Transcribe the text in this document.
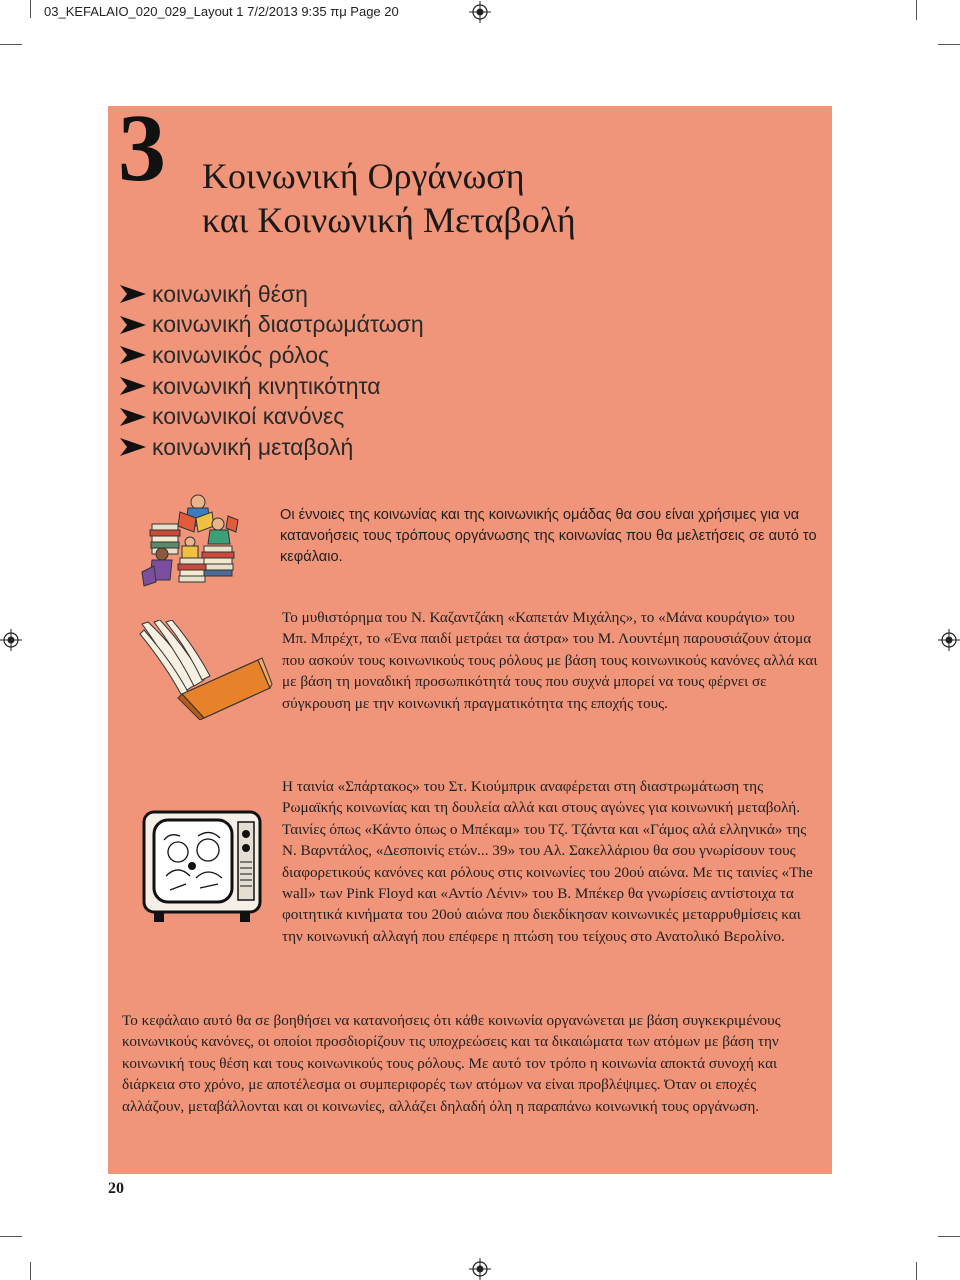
03_KEFALAIO_020_029_Layout 1 7/2/2013 9:35 πμ Page 20
3 Κοινωνική Οργάνωση
και Κοινωνική Μεταβολή
κοινωνική θέση
κοινωνική διαστρωμάτωση
κοινωνικός ρόλος
κοινωνική κινητικότητα
κοινωνικοί κανόνες
κοινωνική μεταβολή

Οι έννοιες της κοινωνίας και της κοινωνικής ομάδας θα σου είναι χρήσιμες για να κατανοήσεις τους τρόπους οργάνωσης της κοινωνίας που θα μελετήσεις σε αυτό το κεφάλαιο.

Το μυθιστόρημα του Ν. Καζαντζάκη «Καπετάν Μιχάλης», το «Μάνα κουράγιο» του Μπ. Μπρέχτ, το «Ένα παιδί μετράει τα άστρα» του Μ. Λουντέμη παρουσιάζουν άτομα που ασκούν τους κοινωνικούς τους ρόλους με βάση τους κοινωνικούς κανόνες αλλά και με βάση τη μοναδική προσωπικότητά τους που συχνά μπορεί να τους φέρνει σε σύγκρουση με την κοινωνική πραγματικότητα της εποχής τους.

Η ταινία «Σπάρτακος» του Στ. Κιούμπρικ αναφέρεται στη διαστρωμάτωση της Ρωμαϊκής κοινωνίας και τη δουλεία αλλά και στους αγώνες για κοινωνική μεταβολή. Ταινίες όπως «Κάντο όπως ο Μπέκαμ» του Τζ. Τζάντα και «Γάμος αλά ελληνικά» της Ν. Βαρντάλος, «Δεσποινίς ετών... 39» του Αλ. Σακελλάριου θα σου γνωρίσουν τους διαφορετικούς κανόνες και ρόλους στις κοινωνίες του 20ού αιώνα. Με τις ταινίες «The wall» των Pink Floyd και «Αντίο Λένιν» του Β. Μπέκερ θα γνωρίσεις αντίστοιχα τα φοιτητικά κινήματα του 20ού αιώνα που διεκδίκησαν κοινωνικές μεταρρυθμίσεις και την κοινωνική αλλαγή που επέφερε η πτώση του τείχους στο Ανατολικό Βερολίνο.

Το κεφάλαιο αυτό θα σε βοηθήσει να κατανοήσεις ότι κάθε κοινωνία οργανώνεται με βάση συγκεκριμένους κοινωνικούς κανόνες, οι οποίοι προσδιορίζουν τις υποχρεώσεις και τα δικαιώματα των ατόμων με βάση την κοινωνική τους θέση και τους κοινωνικούς τους ρόλους. Με αυτό τον τρόπο η κοινωνία αποκτά συνοχή και διάρκεια στο χρόνο, με αποτέλεσμα οι συμπεριφορές των ατόμων να είναι προβλέψιμες. Όταν οι εποχές αλλάζουν, μεταβάλλονται και οι κοινωνίες, αλλάζει δηλαδή όλη η παραπάνω κοινωνική τους οργάνωση.

20
